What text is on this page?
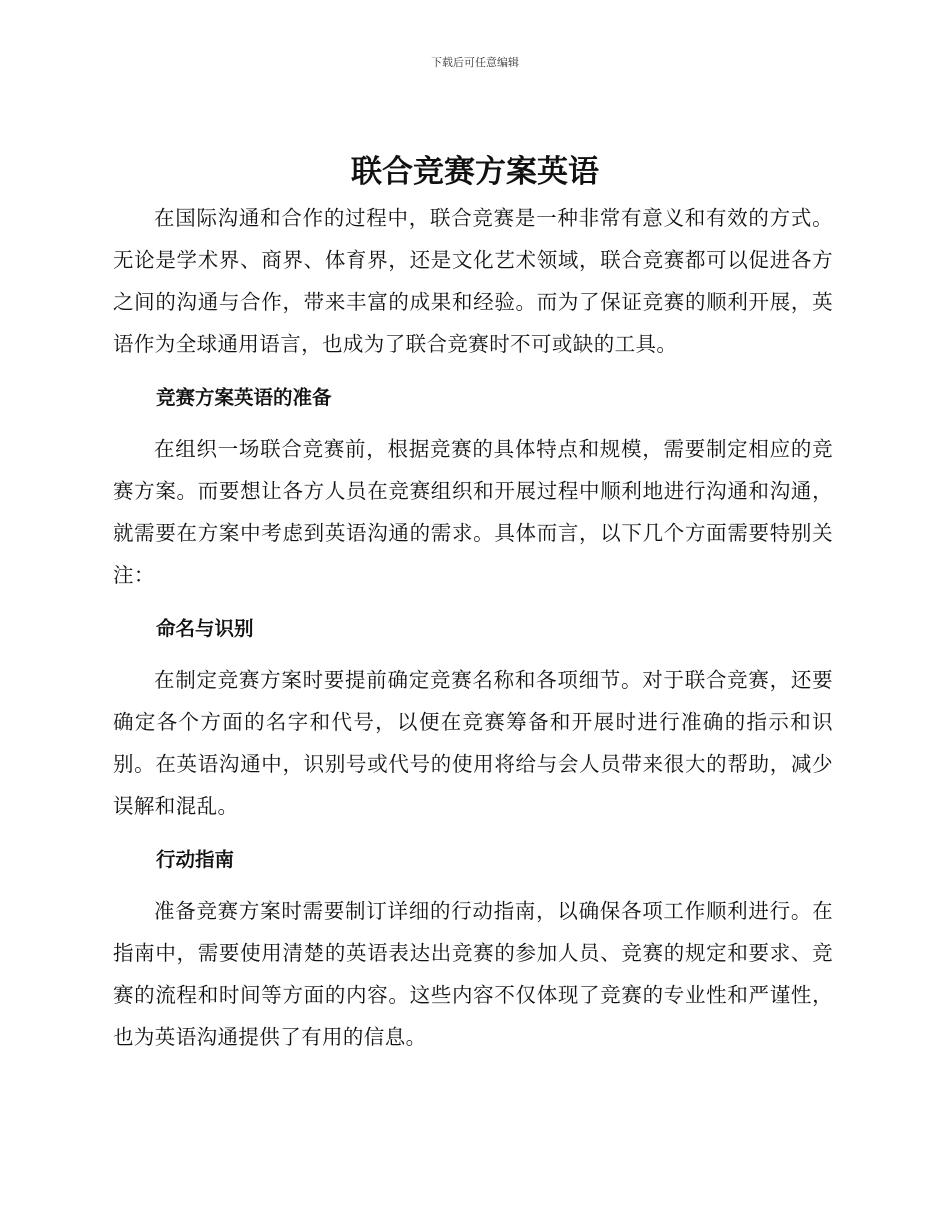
下载后可任意编辑
联合竞赛方案英语

在国际沟通和合作的过程中，联合竞赛是一种非常有意义和有效的方式。无论是学术界、商界、体育界，还是文化艺术领域，联合竞赛都可以促进各方之间的沟通与合作，带来丰富的成果和经验。而为了保证竞赛的顺利开展，英语作为全球通用语言，也成为了联合竞赛时不可或缺的工具。

竞赛方案英语的准备

在组织一场联合竞赛前，根据竞赛的具体特点和规模，需要制定相应的竞赛方案。而要想让各方人员在竞赛组织和开展过程中顺利地进行沟通和沟通，就需要在方案中考虑到英语沟通的需求。具体而言，以下几个方面需要特别关注：

命名与识别

在制定竞赛方案时要提前确定竞赛名称和各项细节。对于联合竞赛，还要确定各个方面的名字和代号，以便在竞赛筹备和开展时进行准确的指示和识别。在英语沟通中，识别号或代号的使用将给与会人员带来很大的帮助，减少误解和混乱。

行动指南

准备竞赛方案时需要制订详细的行动指南，以确保各项工作顺利进行。在指南中，需要使用清楚的英语表达出竞赛的参加人员、竞赛的规定和要求、竞赛的流程和时间等方面的内容。这些内容不仅体现了竞赛的专业性和严谨性，也为英语沟通提供了有用的信息。
